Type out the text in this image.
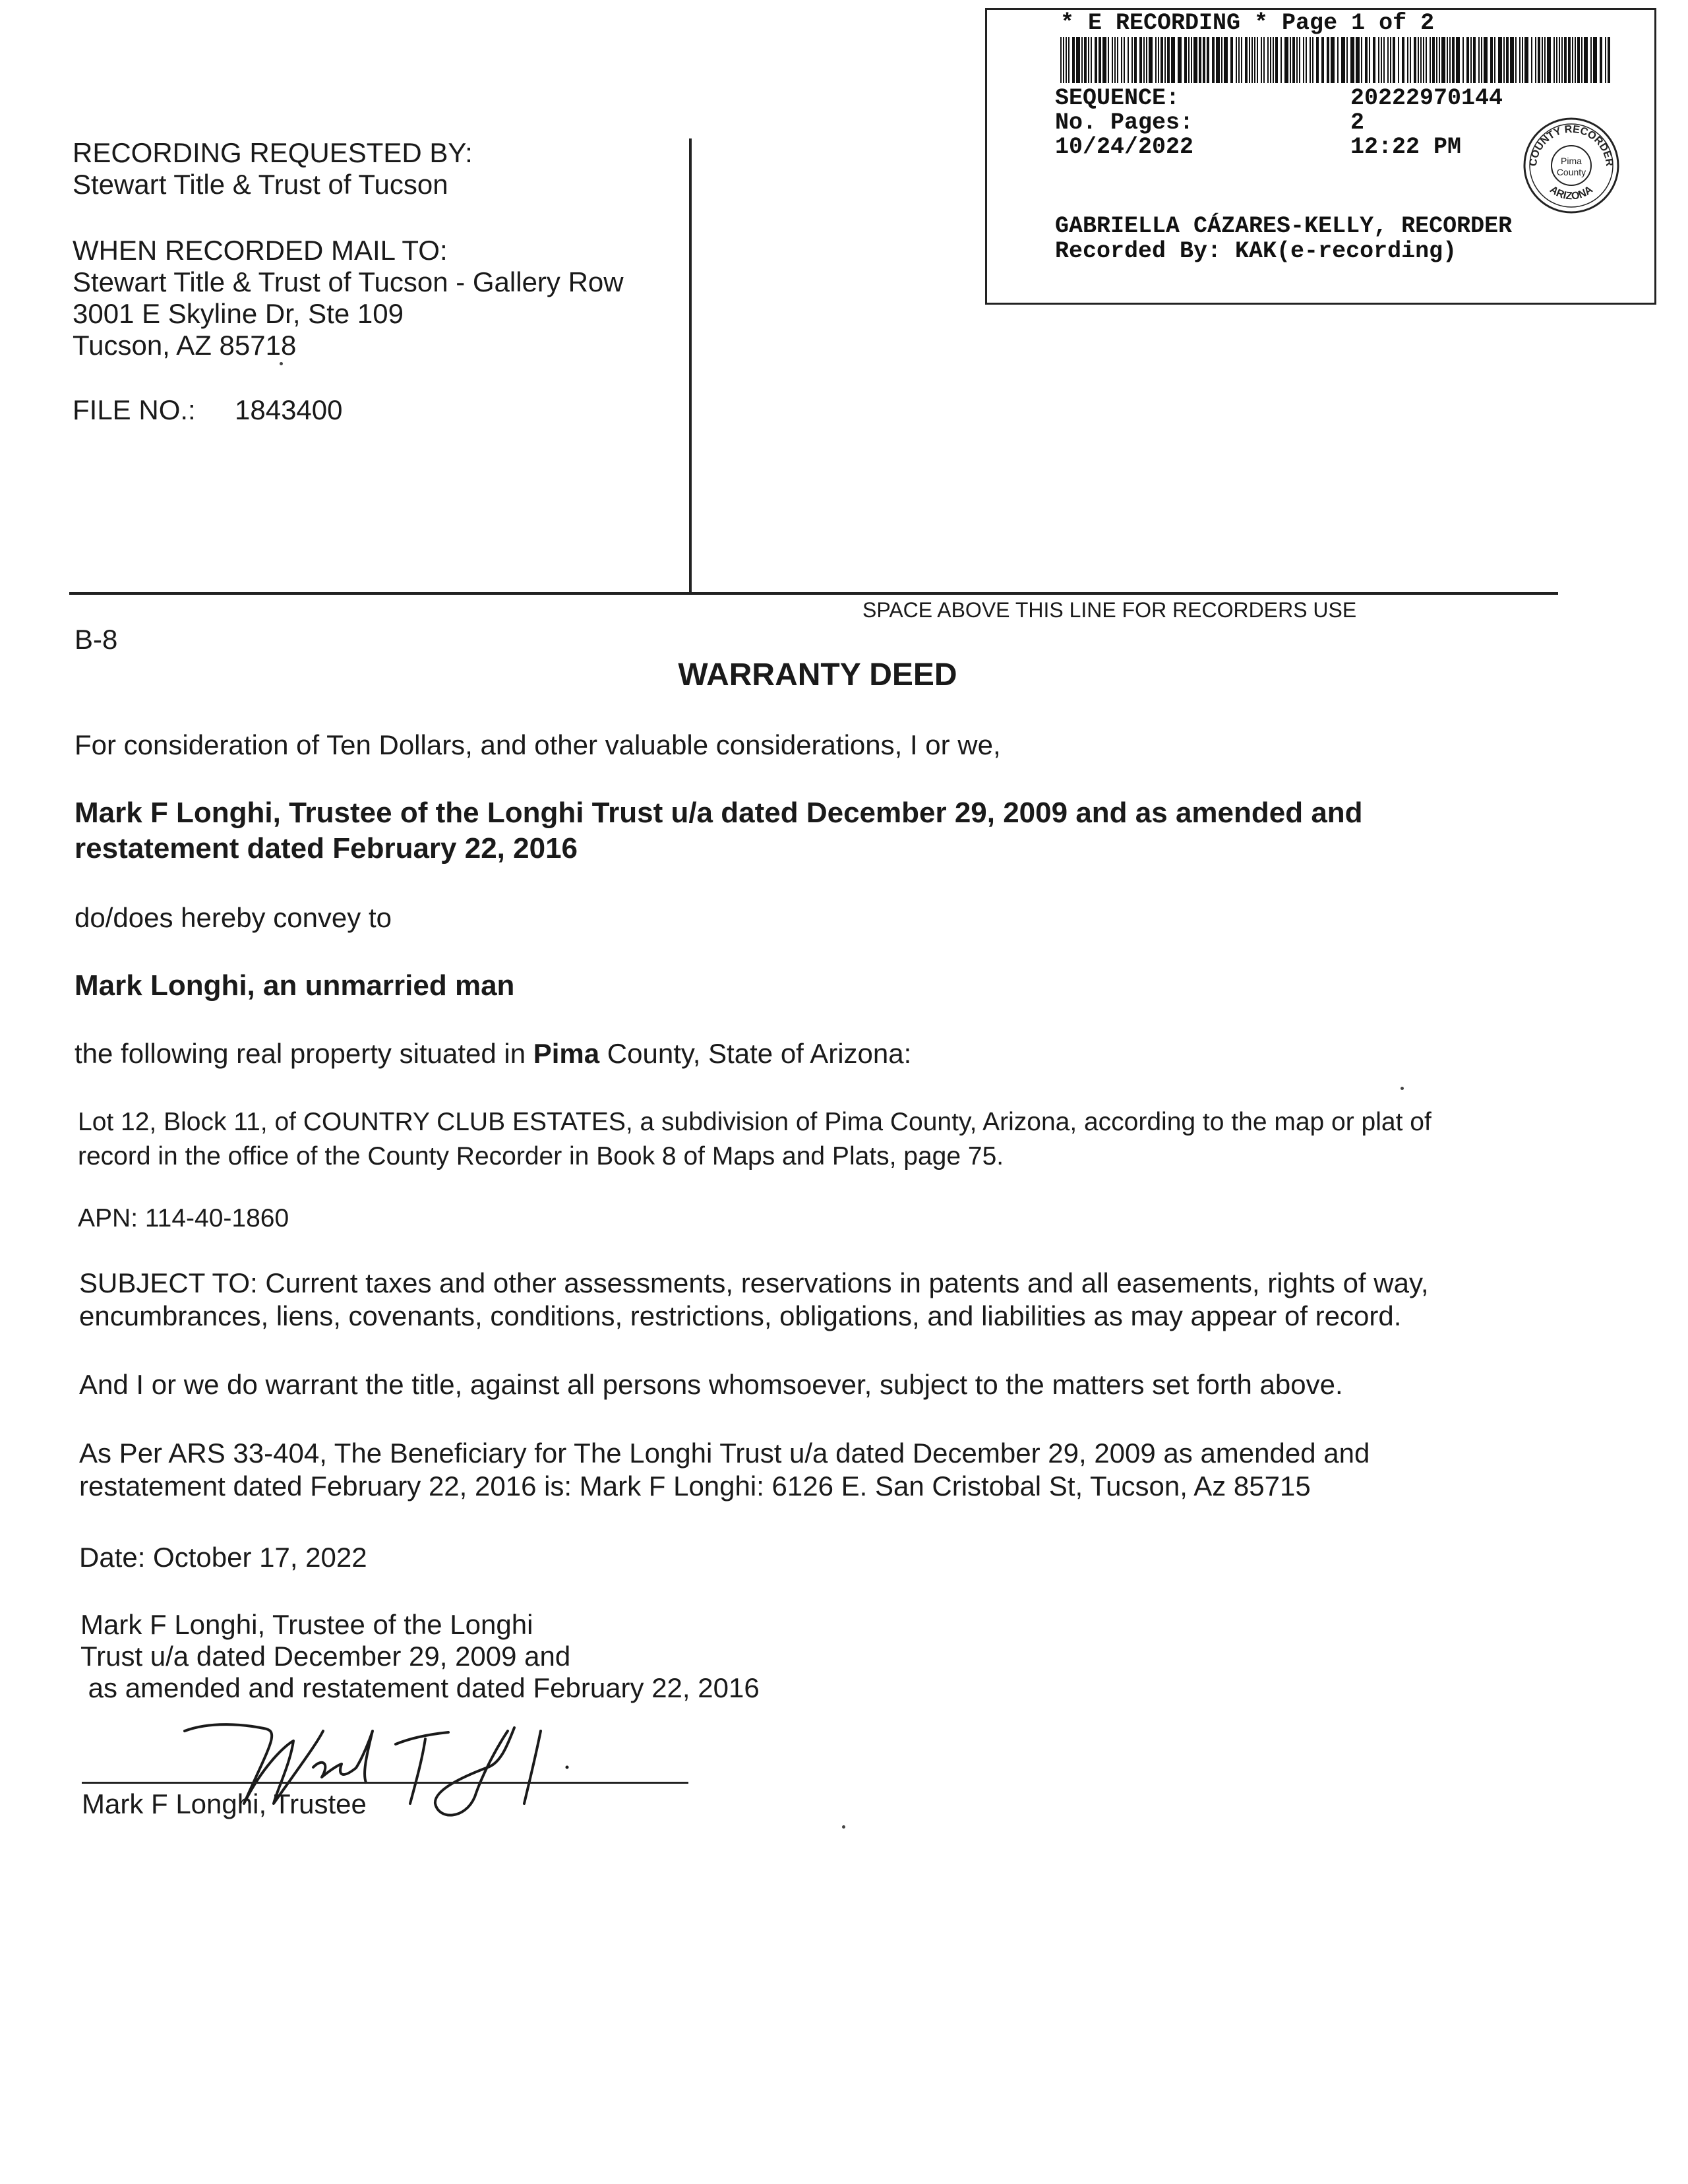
* E RECORDING * Page 1 of 2
SEQUENCE:	20222970144
No. Pages:	2
10/24/2022	12:22 PM
GABRIELLA CÁZARES-KELLY, RECORDER
Recorded By: KAK(e-recording)
COUNTY RECORDER
ARIZONA
Pima
County
RECORDING REQUESTED BY:
Stewart Title & Trust of Tucson
WHEN RECORDED MAIL TO:
Stewart Title & Trust of Tucson - Gallery Row
3001 E Skyline Dr, Ste 109
Tucson, AZ 85718
FILE NO.: 1843400
SPACE ABOVE THIS LINE FOR RECORDERS USE
B-8
WARRANTY DEED
For consideration of Ten Dollars, and other valuable considerations, I or we,
Mark F Longhi, Trustee of the Longhi Trust u/a dated December 29, 2009 and as amended and
restatement dated February 22, 2016
do/does hereby convey to
Mark Longhi, an unmarried man
the following real property situated in Pima County, State of Arizona:
Lot 12, Block 11, of COUNTRY CLUB ESTATES, a subdivision of Pima County, Arizona, according to the map or plat of
record in the office of the County Recorder in Book 8 of Maps and Plats, page 75.
APN: 114-40-1860
SUBJECT TO: Current taxes and other assessments, reservations in patents and all easements, rights of way,
encumbrances, liens, covenants, conditions, restrictions, obligations, and liabilities as may appear of record.
And I or we do warrant the title, against all persons whomsoever, subject to the matters set forth above.
As Per ARS 33-404, The Beneficiary for The Longhi Trust u/a dated December 29, 2009 as amended and
restatement dated February 22, 2016 is: Mark F Longhi: 6126 E. San Cristobal St, Tucson, Az 85715
Date: October 17, 2022
Mark F Longhi, Trustee of the Longhi
Trust u/a dated December 29, 2009 and
as amended and restatement dated February 22, 2016
Mark F Longhi, Trustee
